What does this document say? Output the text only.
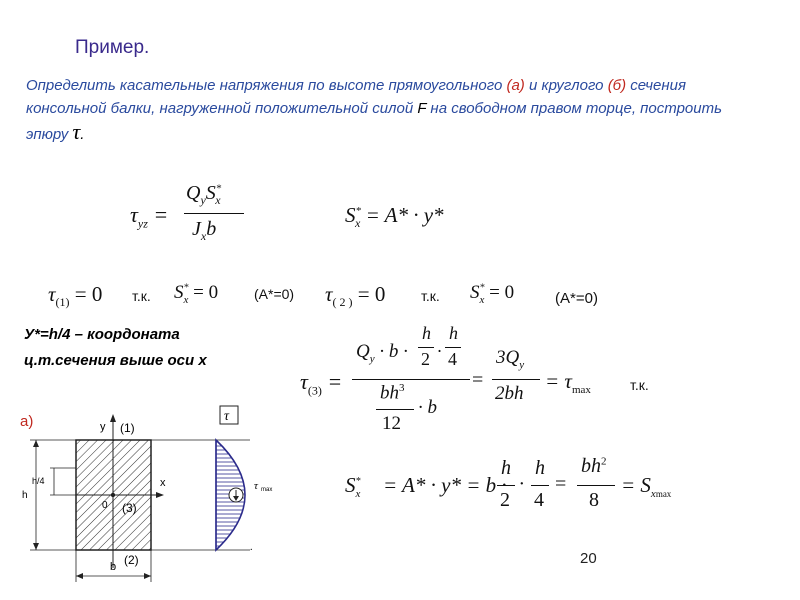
Пример.
Определить касательные напряжения по высоте прямоугольного (а) и круглого (б) сечения консольной балки, нагруженной положительной силой F на свободном правом торце, построить эпюру τ.
$\tau_{yz}$ =
$Q_yS^*_x$
$J_xb$
$S^*_x = A* \cdot y*$
$\tau_{(1)} = 0$ т.к. $S^*_x = 0$	(A*=0) $\tau_{( 2 )} = 0$	т.к. $S^*_x = 0$	(A*=0)
У*=h/4 – коордоната
ц.т.сечения выше оси х
$\tau_{(3)}$ =
$Q_y \cdot b$ ·
h
2 ·
h
4
$bh^3$
12
· b
=
$3Q_y$
2bh
= $\tau_{max}$	т.к.
$S^*_x = A* \cdot y* = b$ ·
h
2
·
h
4
=
$bh^2$
8
= $S_{xmax}$
а)	y (1)
x
0 (3)
h
h/4
b (2)
τ
τ max
.
20
